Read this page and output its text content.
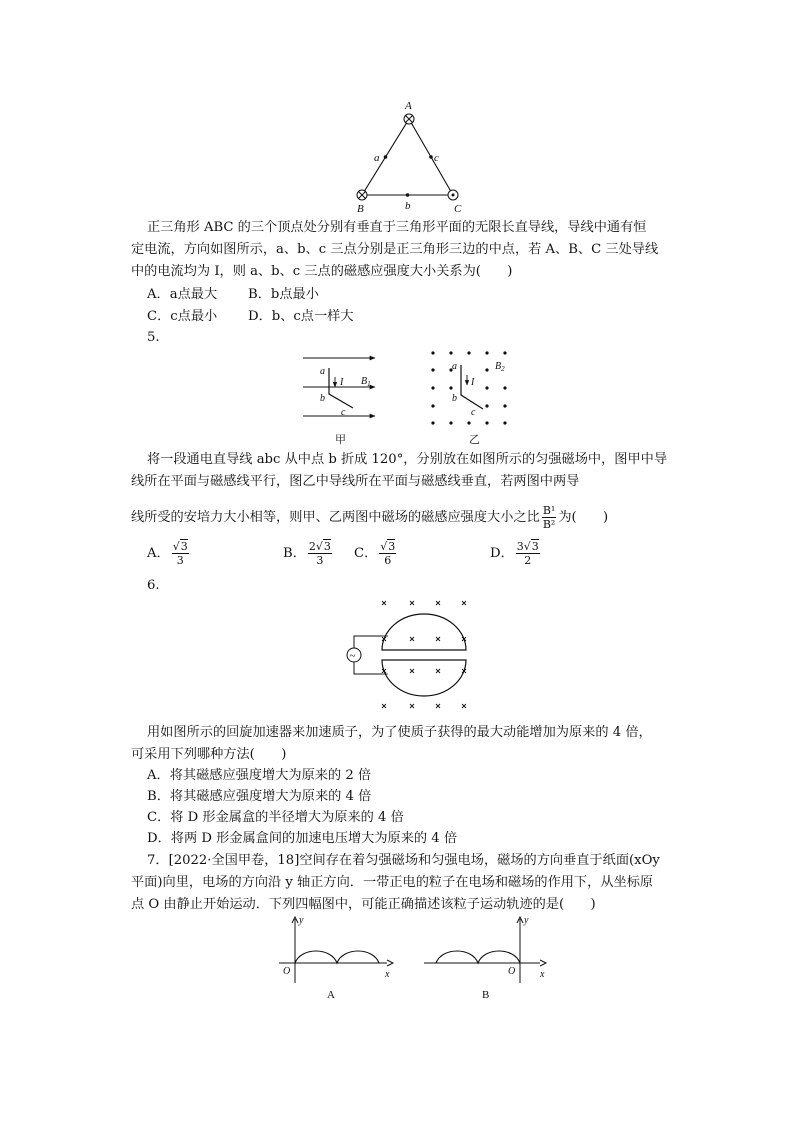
A
B	C
a	c
b
正三角形 ABC 的三个顶点处分别有垂直于三角形平面的无限长直导线，导线中通有恒
定电流，方向如图所示，a、b、c 三点分别是正三角形三边的中点，若 A、B、C 三处导线
中的电流均为 I，则 a、b、c 三点的磁感应强度大小关系为(　　)
A．a点最大 B．b点最小
C．c点最小 D．b、c点一样大
5.
a
I
b
c
$B_1$
甲
a
I
b
c
$B_2$
乙
将一段通电直导线 abc 从中点 b 折成 120°，分别放在如图所示的匀强磁场中，图甲中导
线所在平面与磁感线平行，图乙中导线所在平面与磁感线垂直，若两图中两导
线所受的安培力大小相等，则甲、乙两图中磁场的磁感应强度大小之比 $\frac{\text{B¹}}{\text{B²}}$ 为(　　)
A． $\frac{√3}{3}$	B． $\frac{2√3}{3}$ C． $\frac{√3}{6}$	D． $\frac{3√3}{2}$
6.
~
用如图所示的回旋加速器来加速质子，为了使质子获得的最大动能增加为原来的 4 倍，
可采用下列哪种方法(　　)
A．将其磁感应强度增大为原来的 2 倍
B．将其磁感应强度增大为原来的 4 倍
C．将 D 形金属盒的半径增大为原来的 4 倍
D．将两 D 形金属盒间的加速电压增大为原来的 4 倍
7．[2022·全国甲卷，18]空间存在着匀强磁场和匀强电场，磁场的方向垂直于纸面(xOy
平面)向里，电场的方向沿 y 轴正方向．一带正电的粒子在电场和磁场的作用下，从坐标原
点 O 由静止开始运动．下列四幅图中，可能正确描述该粒子运动轨迹的是(　　)
y
x
O
A
y
x
O
B
